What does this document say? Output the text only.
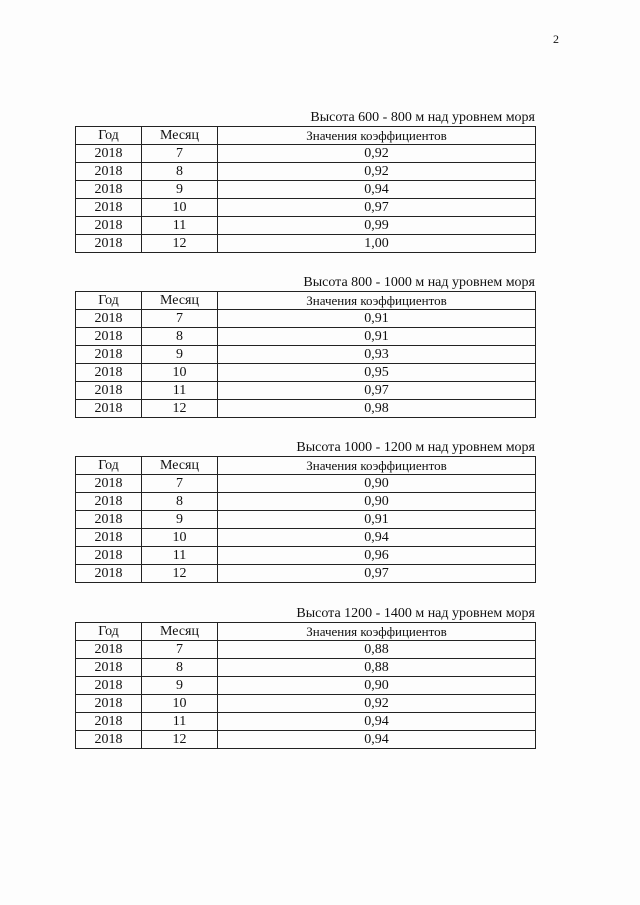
2
Высота 600 - 800 м над уровнем моря
Год	Месяц	Значения коэффициентов
2018	7	0,92
2018	8	0,92
2018	9	0,94
2018	10	0,97
2018	11	0,99
2018	12	1,00
Высота 800 - 1000 м над уровнем моря
Год	Месяц	Значения коэффициентов
2018	7	0,91
2018	8	0,91
2018	9	0,93
2018	10	0,95
2018	11	0,97
2018	12	0,98
Высота 1000 - 1200 м над уровнем моря
Год	Месяц	Значения коэффициентов
2018	7	0,90
2018	8	0,90
2018	9	0,91
2018	10	0,94
2018	11	0,96
2018	12	0,97
Высота 1200 - 1400 м над уровнем моря
Год	Месяц	Значения коэффициентов
2018	7	0,88
2018	8	0,88
2018	9	0,90
2018	10	0,92
2018	11	0,94
2018	12	0,94
